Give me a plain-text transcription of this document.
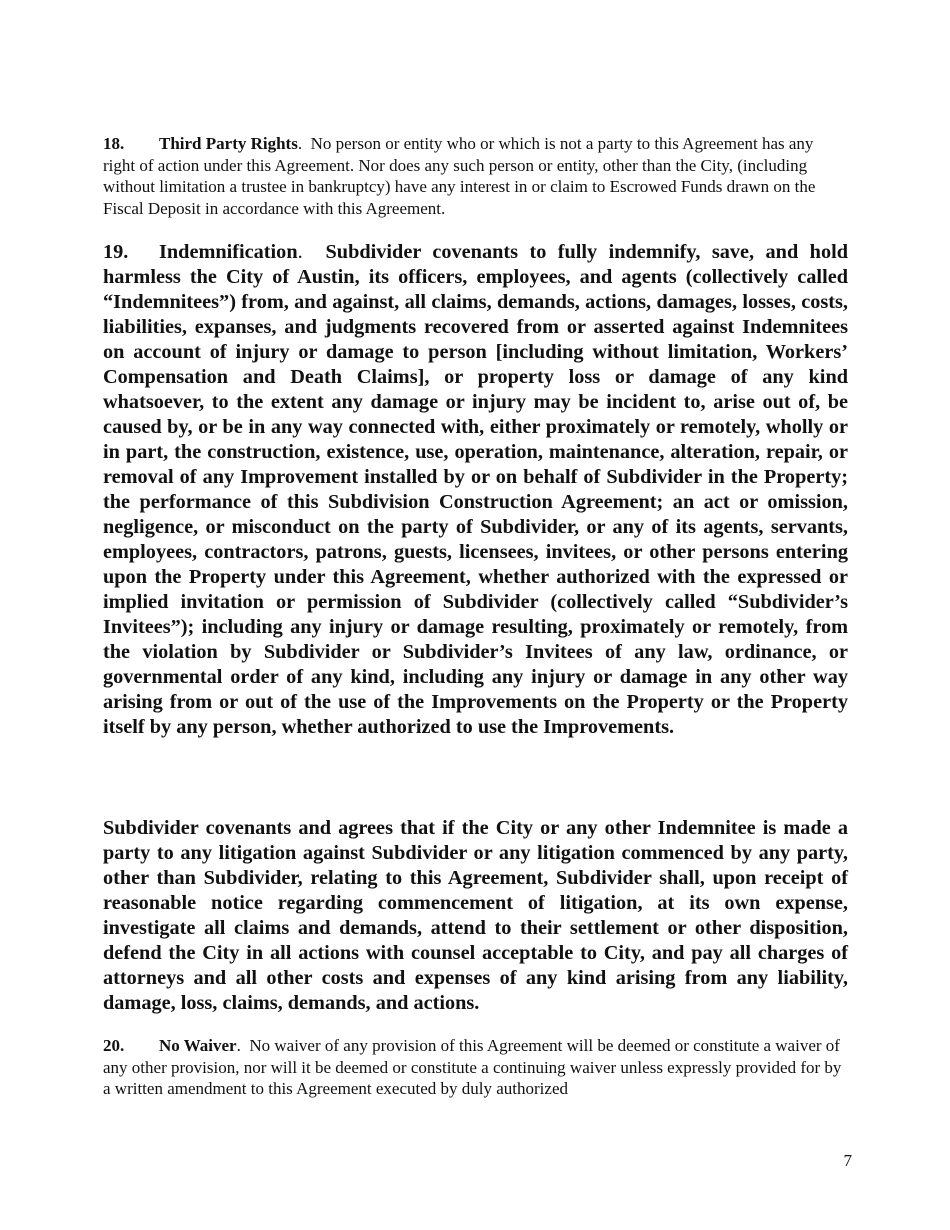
18. Third Party Rights. No person or entity who or which is not a party to this Agreement has any right of action under this Agreement. Nor does any such person or entity, other than the City, (including without limitation a trustee in bankruptcy) have any interest in or claim to Escrowed Funds drawn on the Fiscal Deposit in accordance with this Agreement.
19. Indemnification. Subdivider covenants to fully indemnify, save, and hold harmless the City of Austin, its officers, employees, and agents (collectively called “Indemnitees”) from, and against, all claims, demands, actions, damages, losses, costs, liabilities, expanses, and judgments recovered from or asserted against Indemnitees on account of injury or damage to person [including without limitation, Workers’ Compensation and Death Claims], or property loss or damage of any kind whatsoever, to the extent any damage or injury may be incident to, arise out of, be caused by, or be in any way connected with, either proximately or remotely, wholly or in part, the construction, existence, use, operation, maintenance, alteration, repair, or removal of any Improvement installed by or on behalf of Subdivider in the Property; the performance of this Subdivision Construction Agreement; an act or omission, negligence, or misconduct on the party of Subdivider, or any of its agents, servants, employees, contractors, patrons, guests, licensees, invitees, or other persons entering upon the Property under this Agreement, whether authorized with the expressed or implied invitation or permission of Subdivider (collectively called “Subdivider’s Invitees”); including any injury or damage resulting, proximately or remotely, from the violation by Subdivider or Subdivider’s Invitees of any law, ordinance, or governmental order of any kind, including any injury or damage in any other way arising from or out of the use of the Improvements on the Property or the Property itself by any person, whether authorized to use the Improvements.
Subdivider covenants and agrees that if the City or any other Indemnitee is made a party to any litigation against Subdivider or any litigation commenced by any party, other than Subdivider, relating to this Agreement, Subdivider shall, upon receipt of reasonable notice regarding commencement of litigation, at its own expense, investigate all claims and demands, attend to their settlement or other disposition, defend the City in all actions with counsel acceptable to City, and pay all charges of attorneys and all other costs and expenses of any kind arising from any liability, damage, loss, claims, demands, and actions.
20. No Waiver. No waiver of any provision of this Agreement will be deemed or constitute a waiver of any other provision, nor will it be deemed or constitute a continuing waiver unless expressly provided for by a written amendment to this Agreement executed by duly authorized
7
